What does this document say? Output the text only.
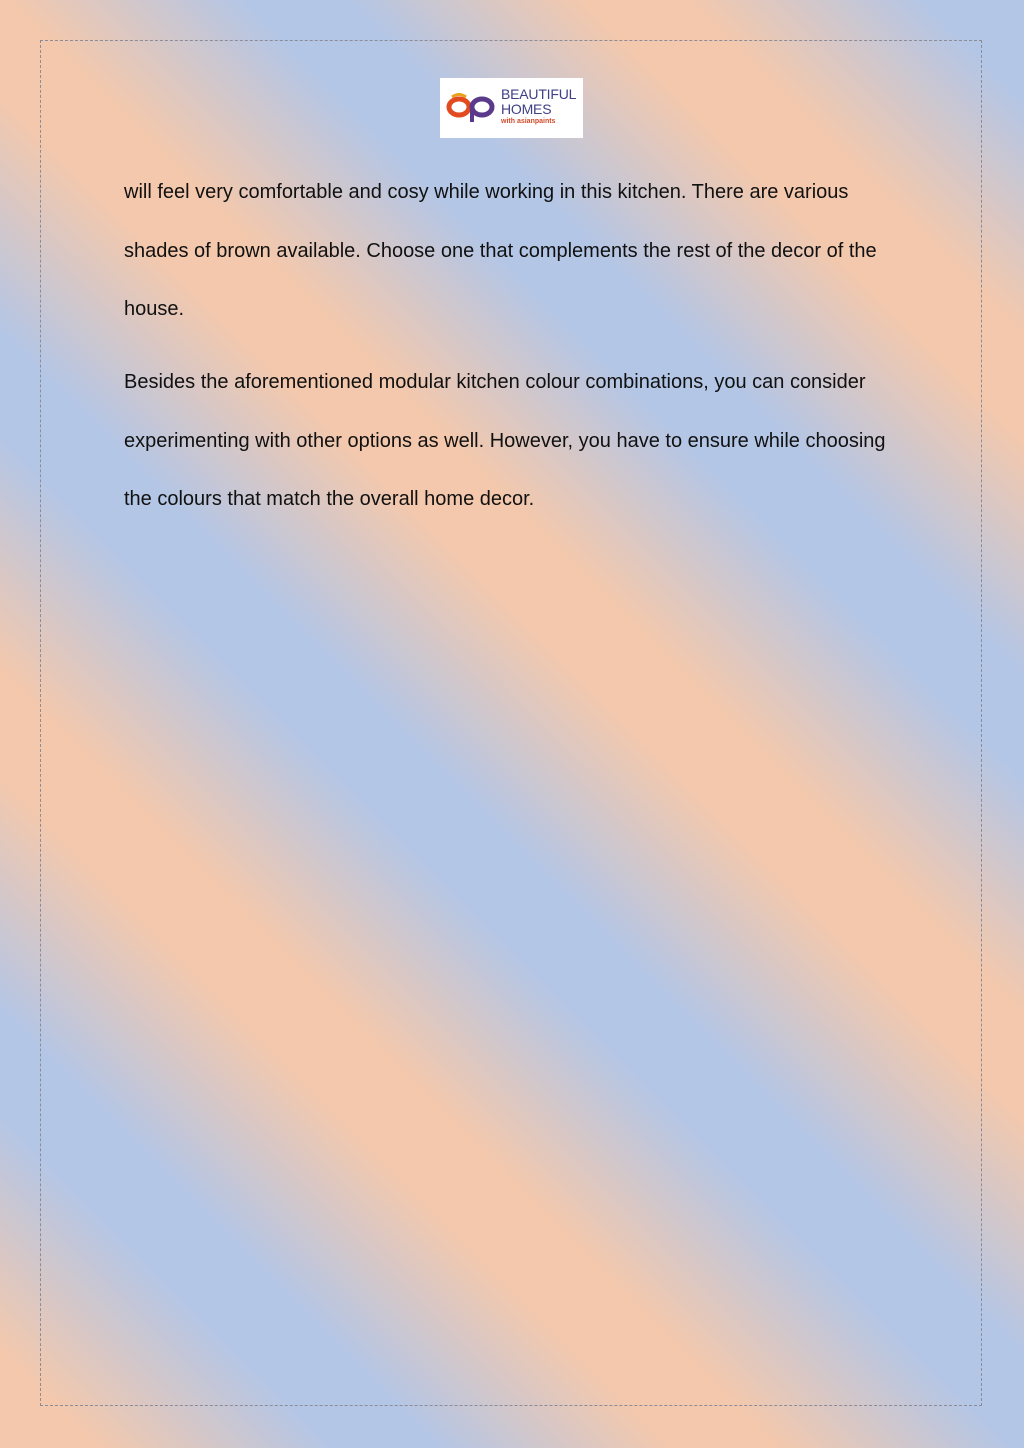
BEAUTIFUL
HOMES
with asianpaints

will feel very comfortable and cosy while working in this kitchen. There are various shades of brown available. Choose one that complements the rest of the decor of the house.

Besides the aforementioned modular kitchen colour combinations, you can consider experimenting with other options as well. However, you have to ensure while choosing the colours that match the overall home decor.
